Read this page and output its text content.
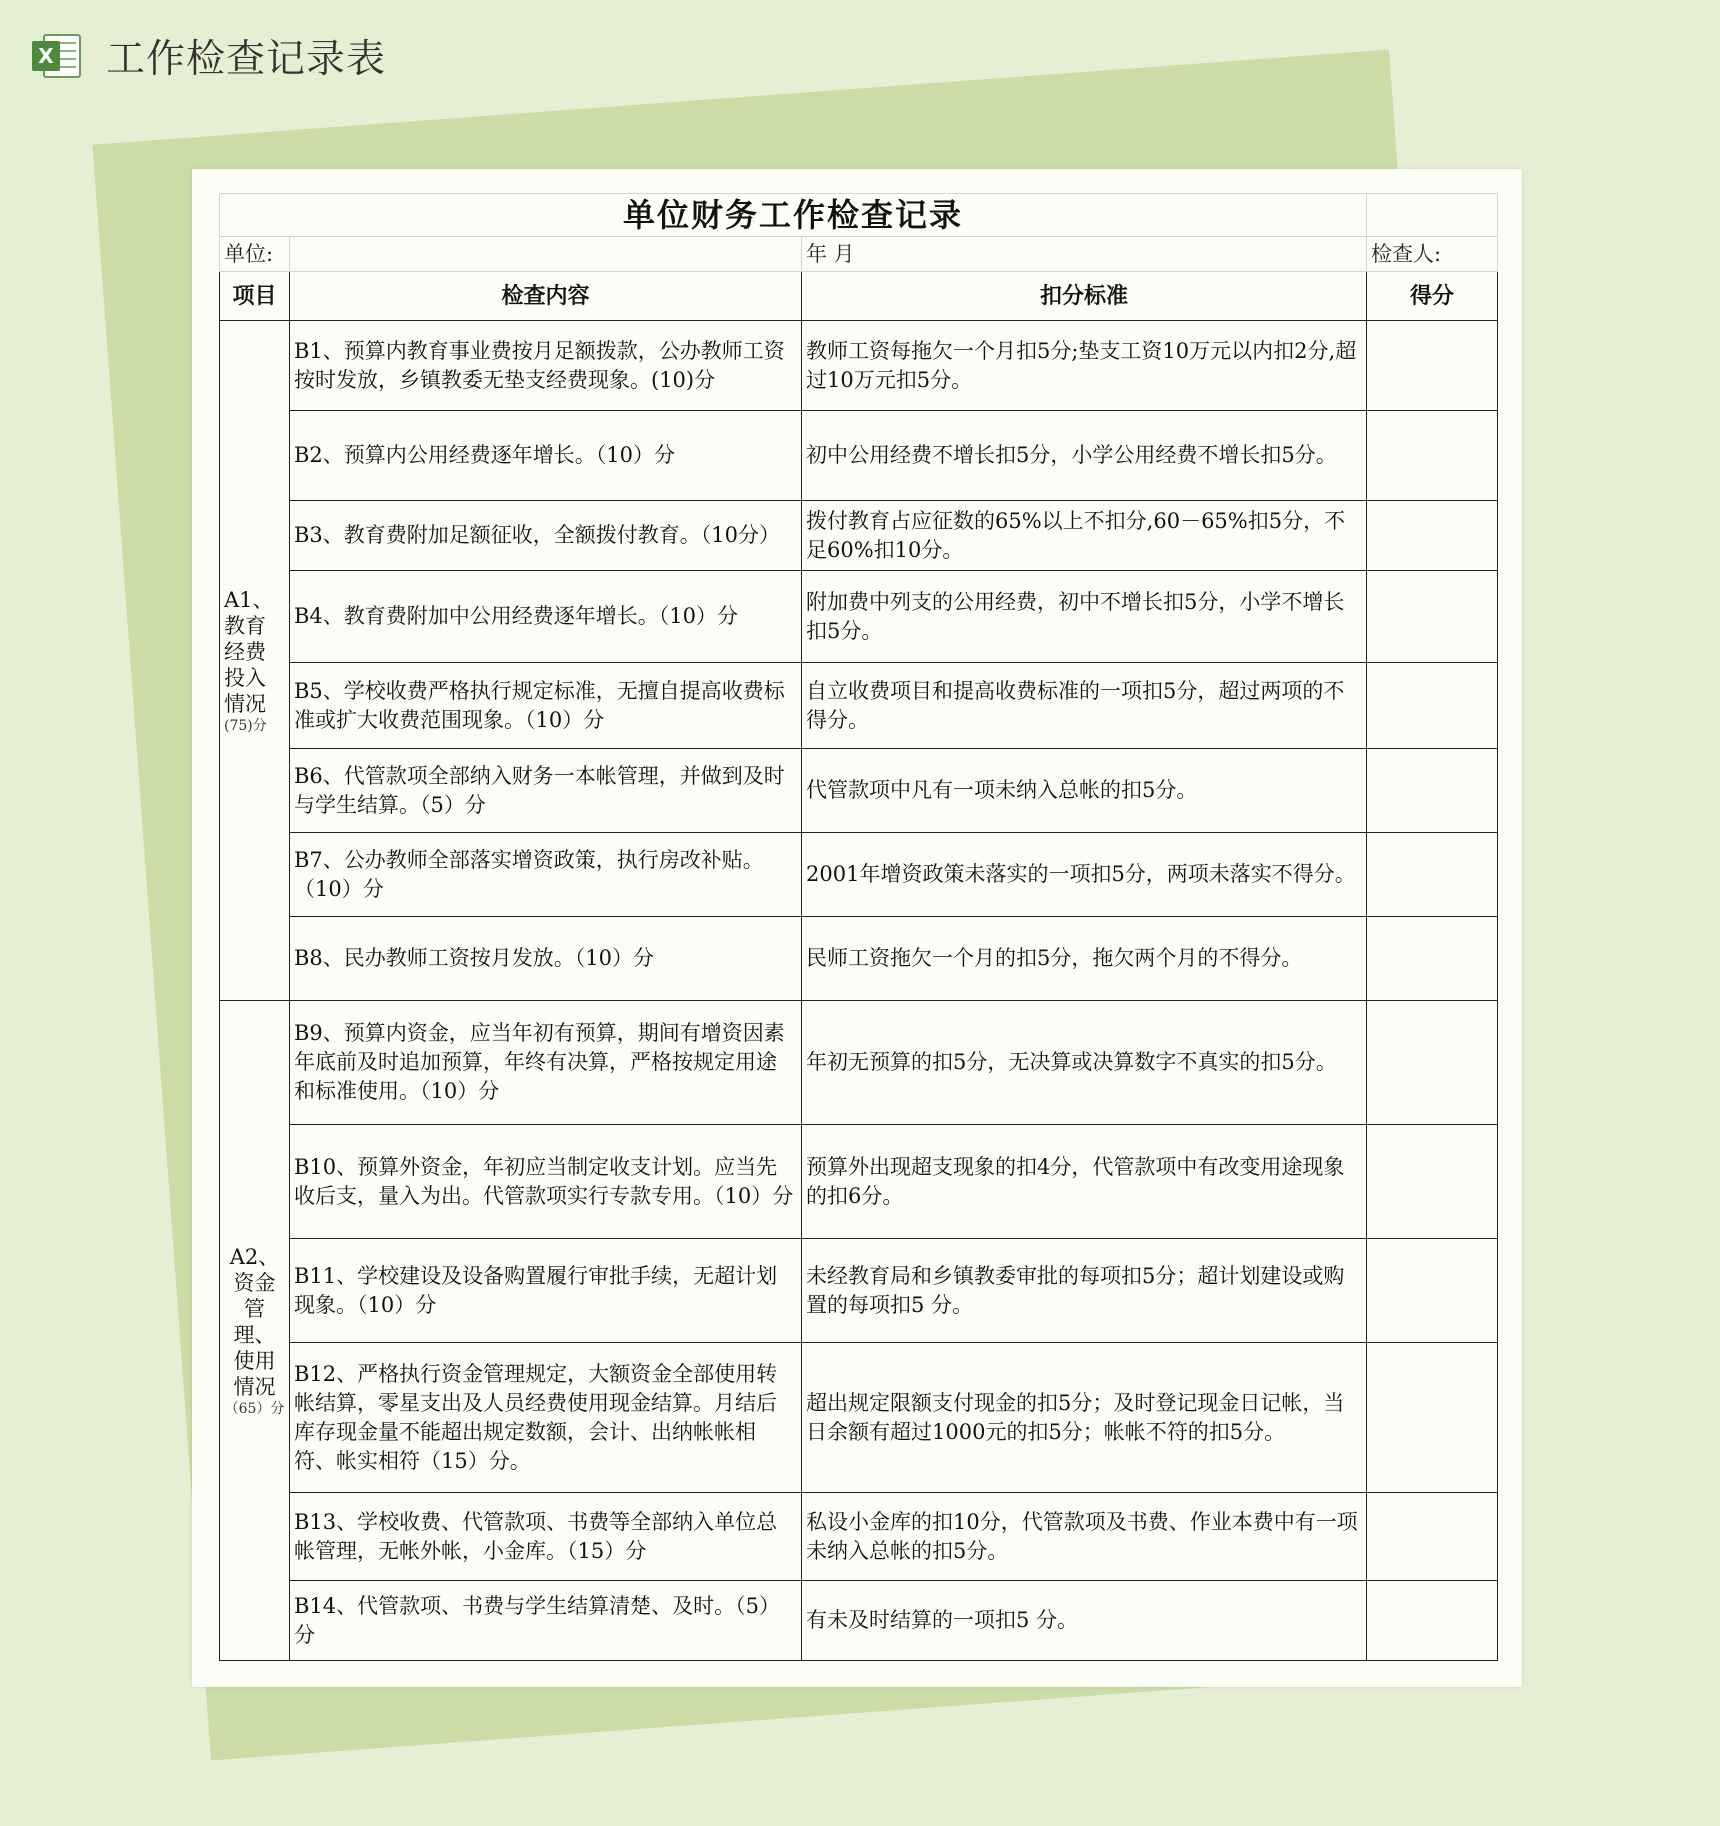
X 工作检查记录表
单位财务工作检查记录			
单位:		年 月	检查人:
项目	检查内容	扣分标准	得分
A1、教育经费投入情况
(75)分	B1、预算内教育事业费按月足额拨款，公办教师工资按时发放，乡镇教委无垫支经费现象。(10)分	教师工资每拖欠一个月扣5分;垫支工资10万元以内扣2分,超过10万元扣5分。	
	B2、预算内公用经费逐年增长。（10）分	初中公用经费不增长扣5分，小学公用经费不增长扣5分。	
	B3、教育费附加足额征收，全额拨付教育。（10分）	拨付教育占应征数的65%以上不扣分,60－65%扣5分，不足60%扣10分。	
	B4、教育费附加中公用经费逐年增长。（10）分	附加费中列支的公用经费，初中不增长扣5分，小学不增长扣5分。	
	B5、学校收费严格执行规定标准，无擅自提高收费标准或扩大收费范围现象。（10）分	自立收费项目和提高收费标准的一项扣5分，超过两项的不得分。	
	B6、代管款项全部纳入财务一本帐管理，并做到及时与学生结算。（5）分	代管款项中凡有一项未纳入总帐的扣5分。	
	B7、公办教师全部落实增资政策，执行房改补贴。（10）分	2001年增资政策未落实的一项扣5分，两项未落实不得分。	
	B8、民办教师工资按月发放。（10）分	民师工资拖欠一个月的扣5分，拖欠两个月的不得分。	
A2、资金管理、使用情况
（65）分	B9、预算内资金，应当年初有预算，期间有增资因素年底前及时追加预算，年终有决算，严格按规定用途和标准使用。（10）分	年初无预算的扣5分，无决算或决算数字不真实的扣5分。	
	B10、预算外资金，年初应当制定收支计划。应当先收后支，量入为出。代管款项实行专款专用。（10）分	预算外出现超支现象的扣4分，代管款项中有改变用途现象的扣6分。	
	B11、学校建设及设备购置履行审批手续，无超计划现象。（10）分	未经教育局和乡镇教委审批的每项扣5分；超计划建设或购置的每项扣5 分。	
	B12、严格执行资金管理规定，大额资金全部使用转帐结算，零星支出及人员经费使用现金结算。月结后库存现金量不能超出规定数额，会计、出纳帐帐相符、帐实相符（15）分。	超出规定限额支付现金的扣5分；及时登记现金日记帐，当日余额有超过1000元的扣5分；帐帐不符的扣5分。	
	B13、学校收费、代管款项、书费等全部纳入单位总帐管理，无帐外帐，小金库。（15）分	私设小金库的扣10分，代管款项及书费、作业本费中有一项未纳入总帐的扣5分。	
	B14、代管款项、书费与学生结算清楚、及时。（5）分	有未及时结算的一项扣5 分。	
